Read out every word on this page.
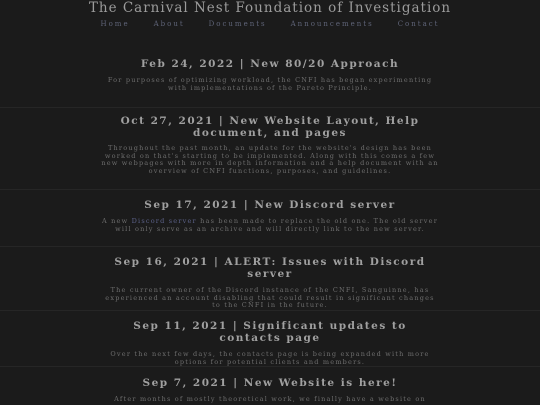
The Carnival Nest Foundation of Investigation
Home	About	Documents	Announcements	Contact
Feb 24, 2022 | New 80/20 Approach

For purposes of optimizing workload, the CNFI has began experimenting with implementations of the Pareto Principle.

Oct 27, 2021 | New Website Layout, Help document, and pages

Throughout the past month, an update for the website's design has been worked on that's starting to be implemented. Along with this comes a few new webpages with more in depth information and a help document with an overview of CNFI functions, purposes, and guidelines.

Sep 17, 2021 | New Discord server

A new Discord server has been made to replace the old one. The old server will only serve as an archive and will directly link to the new server.

Sep 16, 2021 | ALERT: Issues with Discord server

The current owner of the Discord instance of the CNFI, Sanguinne, has experienced an account disabling that could result in significant changes to the CNFI in the future.

Sep 11, 2021 | Significant updates to contacts page

Over the next few days, the contacts page is being expanded with more options for potential clients and members.

Sep 7, 2021 | New Website is here!

After months of mostly theoretical work, we finally have a website on
